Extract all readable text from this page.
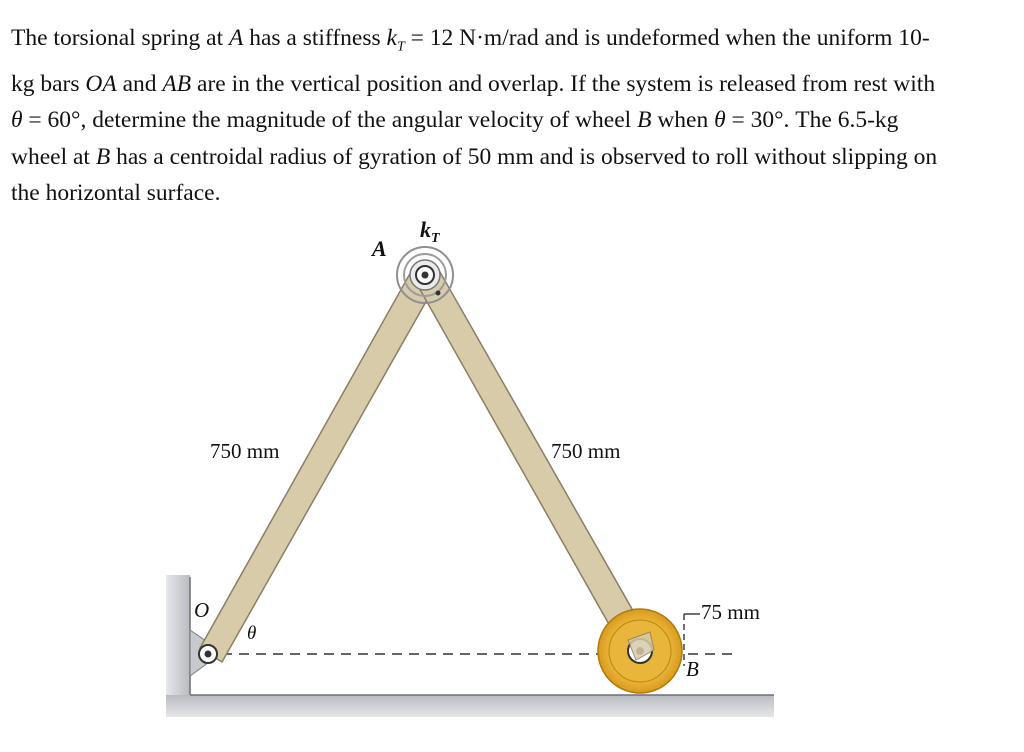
The torsional spring at A has a stiffness $k_T = 12$ N·m/rad and is undeformed when the uniform 10-
kg bars OA and AB are in the vertical position and overlap. If the system is released from rest with
θ = 60°, determine the magnitude of the angular velocity of wheel B when θ = 30°. The 6.5-kg
wheel at B has a centroidal radius of gyration of 50 mm and is observed to roll without slipping on
the horizontal surface.
A
$k_T$
O
θ
B
750 mm	750 mm
75 mm
